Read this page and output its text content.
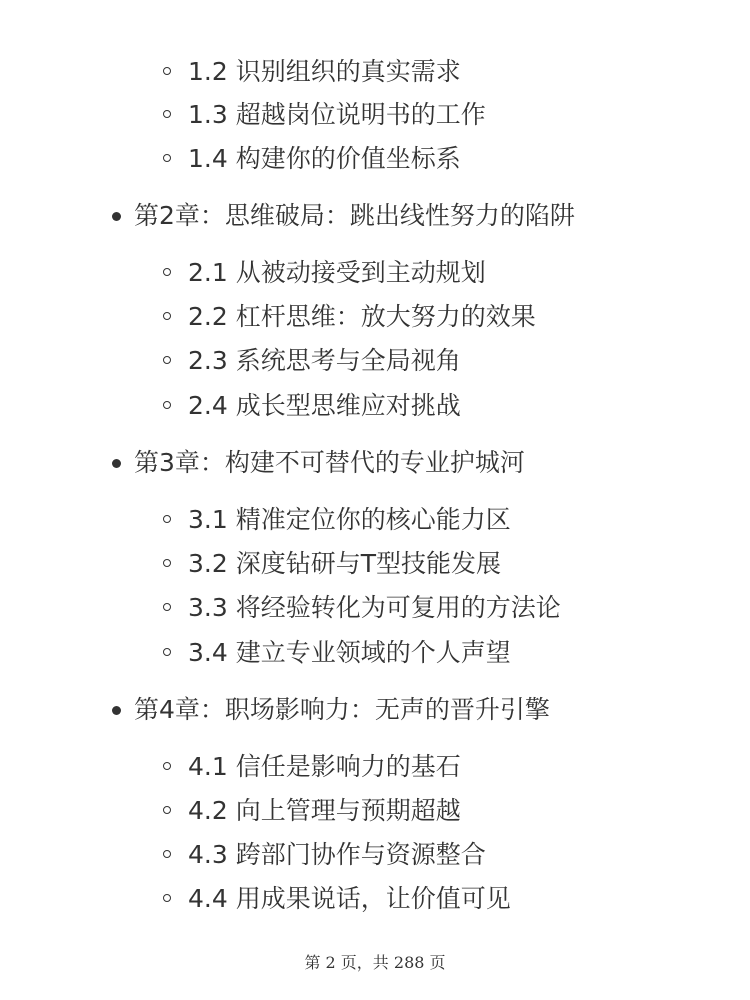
1.2 识别组织的真实需求
1.3 超越岗位说明书的工作
1.4 构建你的价值坐标系
第2章：思维破局：跳出线性努力的陷阱
2.1 从被动接受到主动规划
2.2 杠杆思维：放大努力的效果
2.3 系统思考与全局视角
2.4 成长型思维应对挑战
第3章：构建不可替代的专业护城河
3.1 精准定位你的核心能力区
3.2 深度钻研与T型技能发展
3.3 将经验转化为可复用的方法论
3.4 建立专业领域的个人声望
第4章：职场影响力：无声的晋升引擎
4.1 信任是影响力的基石
4.2 向上管理与预期超越
4.3 跨部门协作与资源整合
4.4 用成果说话，让价值可见
第 2 页，共 288 页
